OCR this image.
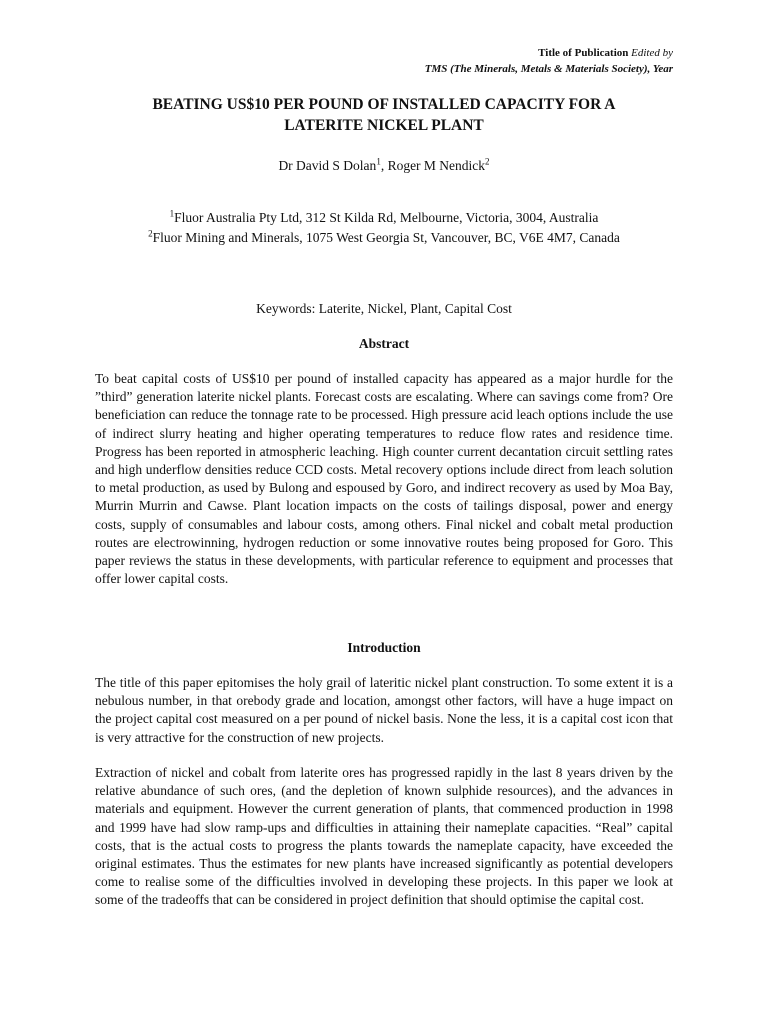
Title of Publication Edited by
TMS (The Minerals, Metals & Materials Society), Year
BEATING US$10 PER POUND OF INSTALLED CAPACITY FOR A
LATERITE NICKEL PLANT
Dr David S Dolan$^1$, Roger M Nendick$^2$
$^1$Fluor Australia Pty Ltd, 312 St Kilda Rd, Melbourne, Victoria, 3004, Australia
$^2$Fluor Mining and Minerals, 1075 West Georgia St, Vancouver, BC, V6E 4M7, Canada
Keywords: Laterite, Nickel, Plant, Capital Cost
Abstract

To beat capital costs of US$10 per pound of installed capacity has appeared as a major hurdle for the ”third” generation laterite nickel plants. Forecast costs are escalating. Where can savings come from? Ore beneficiation can reduce the tonnage rate to be processed. High pressure acid leach options include the use of indirect slurry heating and higher operating temperatures to reduce flow rates and residence time. Progress has been reported in atmospheric leaching. High counter current decantation circuit settling rates and high underflow densities reduce CCD costs. Metal recovery options include direct from leach solution to metal production, as used by Bulong and espoused by Goro, and indirect recovery as used by Moa Bay, Murrin Murrin and Cawse. Plant location impacts on the costs of tailings disposal, power and energy costs, supply of consumables and labour costs, among others. Final nickel and cobalt metal production routes are electrowinning, hydrogen reduction or some innovative routes being proposed for Goro. This paper reviews the status in these developments, with particular reference to equipment and processes that offer lower capital costs.

Introduction

The title of this paper epitomises the holy grail of lateritic nickel plant construction. To some extent it is a nebulous number, in that orebody grade and location, amongst other factors, will have a huge impact on the project capital cost measured on a per pound of nickel basis. None the less, it is a capital cost icon that is very attractive for the construction of new projects.

Extraction of nickel and cobalt from laterite ores has progressed rapidly in the last 8 years driven by the relative abundance of such ores, (and the depletion of known sulphide resources), and the advances in materials and equipment. However the current generation of plants, that commenced production in 1998 and 1999 have had slow ramp-ups and difficulties in attaining their nameplate capacities. “Real” capital costs, that is the actual costs to progress the plants towards the nameplate capacity, have exceeded the original estimates. Thus the estimates for new plants have increased significantly as potential developers come to realise some of the difficulties involved in developing these projects. In this paper we look at some of the tradeoffs that can be considered in project definition that should optimise the capital cost.
